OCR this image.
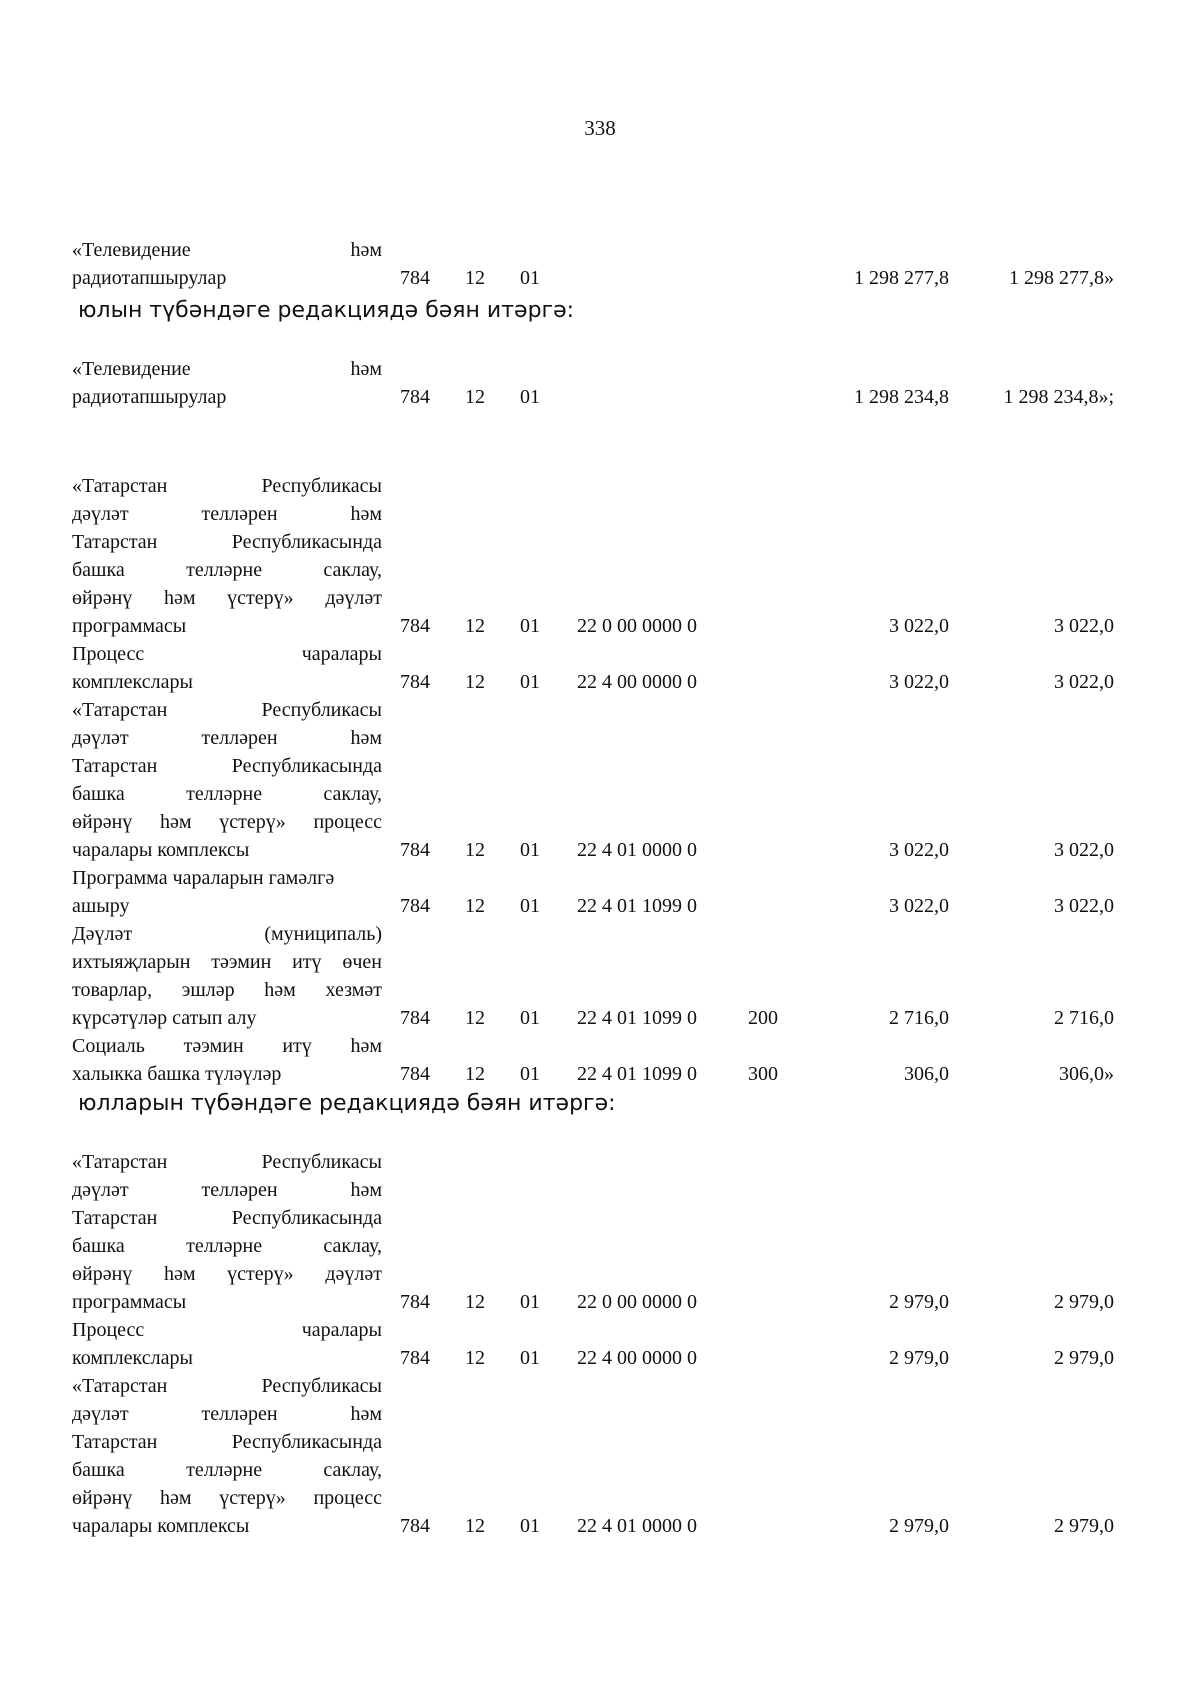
338
«Телевидение һәм
радиотапшырулар	784 12 01	1 298 277,8	1 298 277,8»
юлын түбәндәге редакциядә бәян итәргә:
«Телевидение һәм
радиотапшырулар	784 12 01	1 298 234,8	1 298 234,8»;
«Татарстан Республикасы
дәүләт телләрен һәм
Татарстан Республикасында
башка телләрне саклау,
өйрәнү һәм үстерү» дәүләт
программасы	784 12 01 22 0 00 0000 0	3 022,0	3 022,0
Процесс чаралары
комплекслары	784 12 01 22 4 00 0000 0	3 022,0	3 022,0
«Татарстан Республикасы
дәүләт телләрен һәм
Татарстан Республикасында
башка телләрне саклау,
өйрәнү һәм үстерү» процесс
чаралары комплексы	784 12 01 22 4 01 0000 0	3 022,0	3 022,0
Программа чараларын гамәлгә
ашыру	784 12 01 22 4 01 1099 0	3 022,0	3 022,0
Дәүләт (муниципаль)
ихтыяҗларын тәэмин итү өчен
товарлар, эшләр һәм хезмәт
күрсәтүләр сатып алу	784 12 01 22 4 01 1099 0	200	2 716,0	2 716,0
Социаль тәэмин итү һәм
халыкка башка түләүләр	784 12 01 22 4 01 1099 0	300	306,0	306,0»
юлларын түбәндәге редакциядә бәян итәргә:
«Татарстан Республикасы
дәүләт телләрен һәм
Татарстан Республикасында
башка телләрне саклау,
өйрәнү һәм үстерү» дәүләт
программасы	784 12 01 22 0 00 0000 0	2 979,0	2 979,0
Процесс чаралары
комплекслары	784 12 01 22 4 00 0000 0	2 979,0	2 979,0
«Татарстан Республикасы
дәүләт телләрен һәм
Татарстан Республикасында
башка телләрне саклау,
өйрәнү һәм үстерү» процесс
чаралары комплексы	784 12 01 22 4 01 0000 0	2 979,0	2 979,0
